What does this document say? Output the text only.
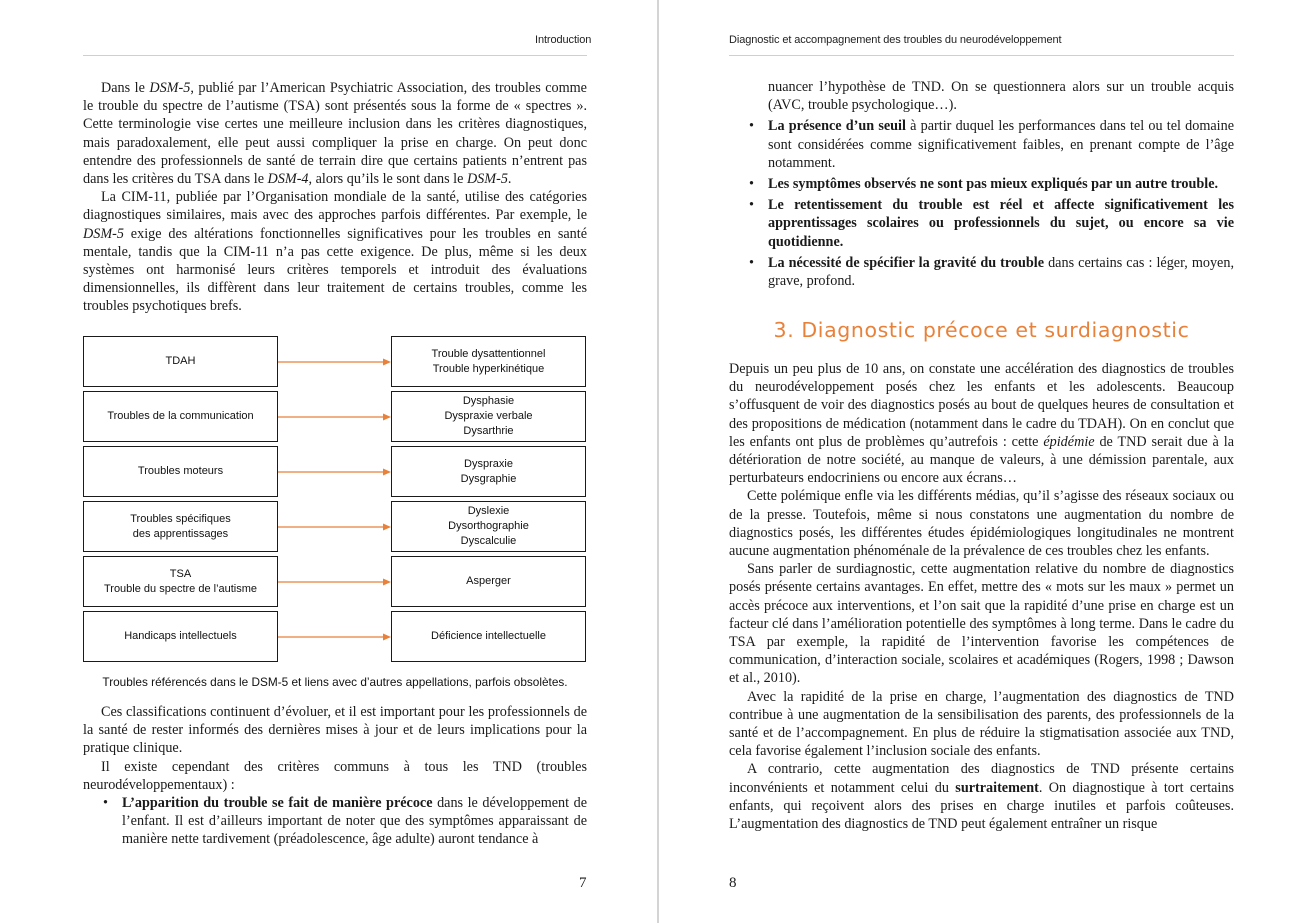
Introduction

Dans le DSM-5, publié par l’American Psychiatric Association, des troubles comme le trouble du spectre de l’autisme (TSA) sont présentés sous la forme de « spectres ». Cette terminologie vise certes une meilleure inclusion dans les critères diagnostiques, mais paradoxalement, elle peut aussi compliquer la prise en charge. On peut donc entendre des professionnels de santé de terrain dire que certains patients n’entrent pas dans les critères du TSA dans le DSM-4, alors qu’ils le sont dans le DSM-5.

La CIM-11, publiée par l’Organisation mondiale de la santé, utilise des catégories diagnostiques similaires, mais avec des approches parfois différentes. Par exemple, le DSM-5 exige des altérations fonctionnelles significatives pour les troubles en santé mentale, tandis que la CIM-11 n’a pas cette exigence. De plus, même si les deux systèmes ont harmonisé leurs critères temporels et introduit des évaluations dimensionnelles, ils diffèrent dans leur traitement de certains troubles, comme les troubles psychotiques brefs.

TDAH
Trouble dysattentionnel
Trouble hyperkinétique
Troubles de la communication
Dysphasie
Dyspraxie verbale
Dysarthrie
Troubles moteurs
Dyspraxie
Dysgraphie
Troubles spécifiques
des apprentissages
Dyslexie
Dysorthographie
Dyscalculie
TSA
Trouble du spectre de l’autisme
Asperger
Handicaps intellectuels	Déficience intellectuelle
Troubles référencés dans le DSM-5 et liens avec d’autres appellations, parfois obsolètes.

Ces classifications continuent d’évoluer, et il est important pour les professionnels de la santé de rester informés des dernières mises à jour et de leurs implications pour la pratique clinique.

Il existe cependant des critères communs à tous les TND (troubles neurodéveloppementaux) :

• L’apparition du trouble se fait de manière précoce dans le développement de l’enfant. Il est d’ailleurs important de noter que des symptômes apparaissant de manière nette tardivement (préadolescence, âge adulte) auront tendance à
7
Diagnostic et accompagnement des troubles du neurodéveloppement
nuancer l’hypothèse de TND. On se questionnera alors sur un trouble acquis (AVC, trouble psychologique…).
• La présence d’un seuil à partir duquel les performances dans tel ou tel domaine sont considérées comme significativement faibles, en prenant compte de l’âge notamment.
• Les symptômes observés ne sont pas mieux expliqués par un autre trouble.
• Le retentissement du trouble est réel et affecte significativement les apprentissages scolaires ou professionnels du sujet, ou encore sa vie quotidienne.
• La nécessité de spécifier la gravité du trouble dans certains cas : léger, moyen, grave, profond.
3. Diagnostic précoce et surdiagnostic

Depuis un peu plus de 10 ans, on constate une accélération des diagnostics de troubles du neurodéveloppement posés chez les enfants et les adolescents. Beaucoup s’offusquent de voir des diagnostics posés au bout de quelques heures de consultation et des propositions de médication (notamment dans le cadre du TDAH). On en conclut que les enfants ont plus de problèmes qu’autrefois : cette épidémie de TND serait due à la détérioration de notre société, au manque de valeurs, à une démission parentale, aux perturbateurs endocriniens ou encore aux écrans…

Cette polémique enfle via les différents médias, qu’il s’agisse des réseaux sociaux ou de la presse. Toutefois, même si nous constatons une augmentation du nombre de diagnostics posés, les différentes études épidémiologiques longitudinales ne montrent aucune augmentation phénoménale de la prévalence de ces troubles chez les enfants.

Sans parler de surdiagnostic, cette augmentation relative du nombre de diagnostics posés présente certains avantages. En effet, mettre des « mots sur les maux » permet un accès précoce aux interventions, et l’on sait que la rapidité d’une prise en charge est un facteur clé dans l’amélioration potentielle des symptômes à long terme. Dans le cadre du TSA par exemple, la rapidité de l’intervention favorise les compétences de communication, d’interaction sociale, scolaires et académiques (Rogers, 1998 ; Dawson et al., 2010).

Avec la rapidité de la prise en charge, l’augmentation des diagnostics de TND contribue à une augmentation de la sensibilisation des parents, des professionnels de la santé et de l’accompagnement. En plus de réduire la stigmatisation associée aux TND, cela favorise également l’inclusion sociale des enfants.

A contrario, cette augmentation des diagnostics de TND présente certains inconvénients et notamment celui du surtraitement. On diagnostique à tort certains enfants, qui reçoivent alors des prises en charge inutiles et parfois coûteuses. L’augmentation des diagnostics de TND peut également entraîner un risque

8
